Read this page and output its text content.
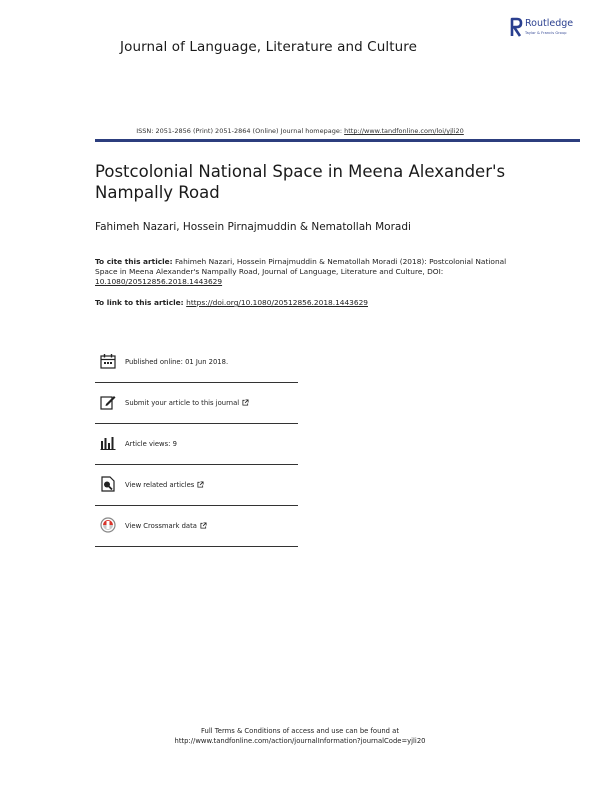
Journal of Language, Literature and Culture
Routledge
Taylor & Francis Group
ISSN: 2051-2856 (Print) 2051-2864 (Online) Journal homepage: http://www.tandfonline.com/loi/yjli20
Postcolonial National Space in Meena Alexander's Nampally Road
Fahimeh Nazari, Hossein Pirnajmuddin & Nematollah Moradi
To cite this article: Fahimeh Nazari, Hossein Pirnajmuddin & Nematollah Moradi (2018): Postcolonial National Space in Meena Alexander's Nampally Road, Journal of Language, Literature and Culture, DOI: 10.1080/20512856.2018.1443629
To link to this article: https://doi.org/10.1080/20512856.2018.1443629
Published online: 01 Jun 2018.
Submit your article to this journal
Article views: 9
View related articles
View Crossmark data
Full Terms & Conditions of access and use can be found at
http://www.tandfonline.com/action/journalInformation?journalCode=yjli20
